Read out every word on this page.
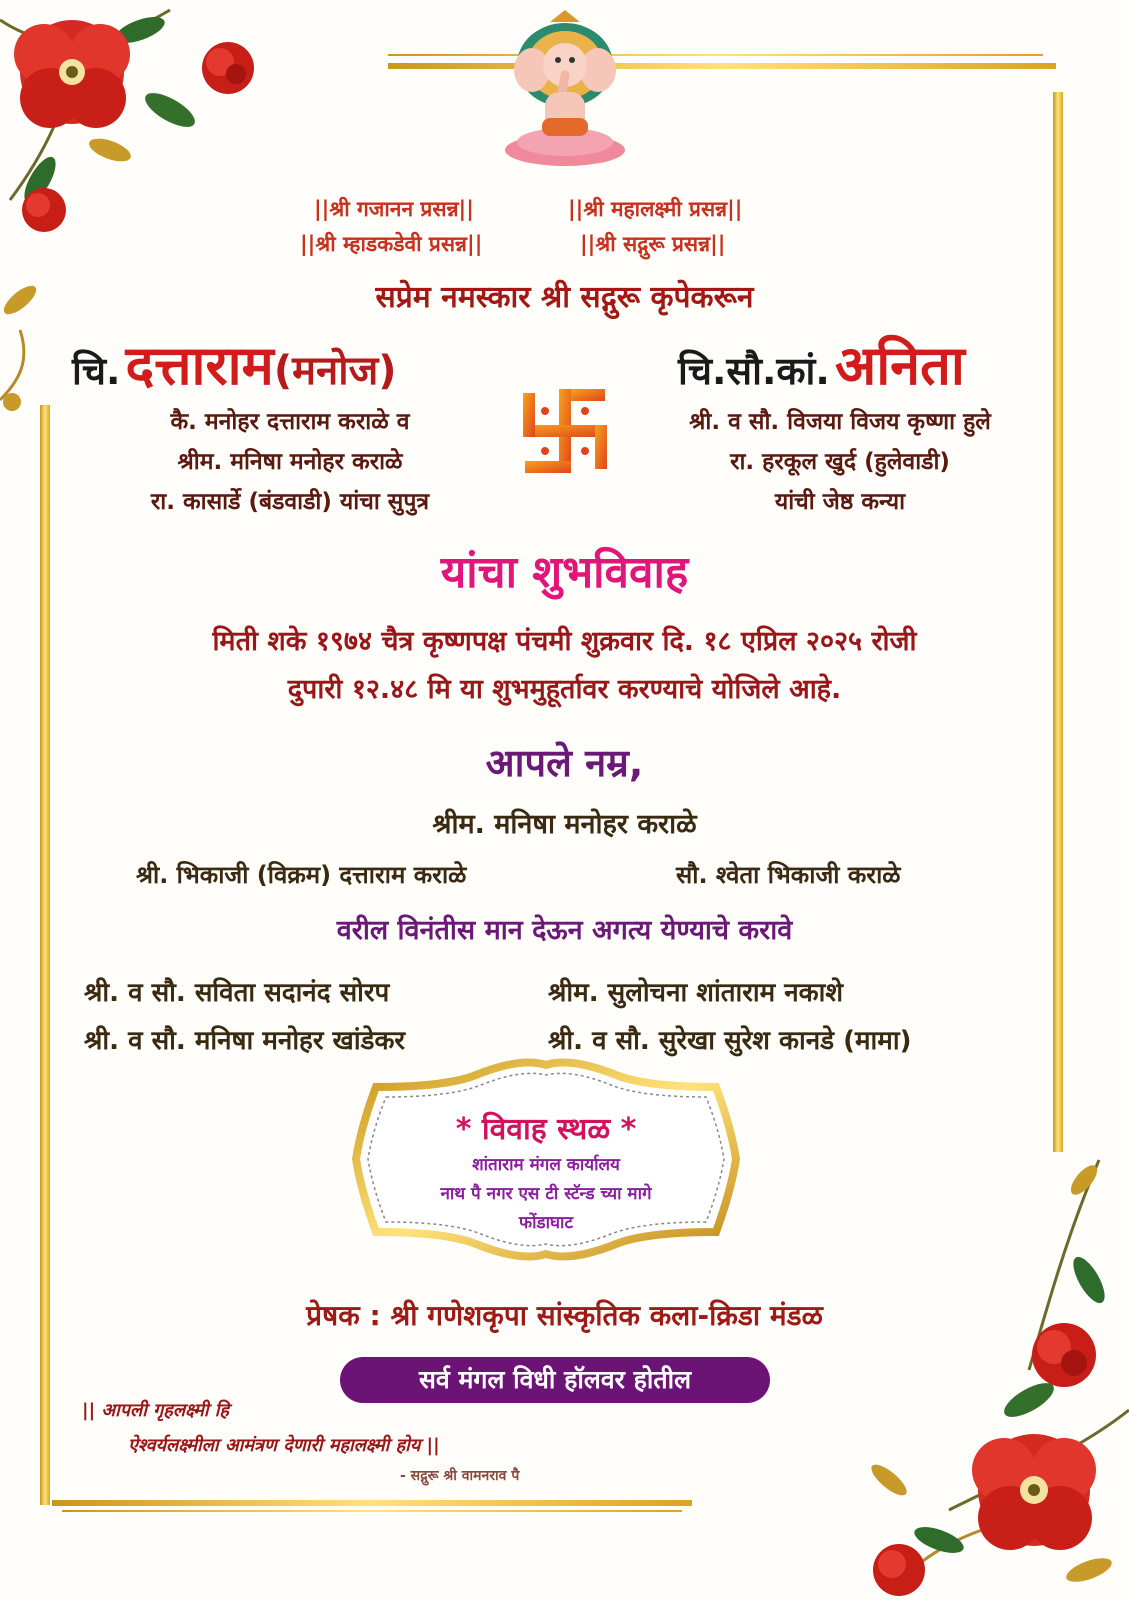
||श्री गजानन प्रसन्न||	||श्री महालक्ष्मी प्रसन्न||
||श्री म्हाडकडेवी प्रसन्न||	||श्री सद्गुरू प्रसन्न||
सप्रेम नमस्कार श्री सद्गुरू कृपेकरून
चि. दत्ताराम(मनोज)
कै. मनोहर दत्ताराम कराळे व
श्रीम. मनिषा मनोहर कराळे
रा. कासार्डे (बंडवाडी) यांचा सुपुत्र
चि.सौ.कां. अनिता
श्री. व सौ. विजया विजय कृष्णा हुले
रा. हरकूल खुर्द (हुलेवाडी)
यांची जेष्ठ कन्या
यांचा शुभविवाह
मिती शके १९७४ चैत्र कृष्णपक्ष पंचमी शुक्रवार दि. १८ एप्रिल २०२५ रोजी
दुपारी १२.४८ मि या शुभमुहूर्तावर करण्याचे योजिले आहे.
आपले नम्र,
श्रीम. मनिषा मनोहर कराळे
श्री. भिकाजी (विक्रम) दत्ताराम कराळे	सौ. श्वेता भिकाजी कराळे
वरील विनंतीस मान देऊन अगत्य येण्याचे करावे
श्री. व सौ. सविता सदानंद सोरप	श्रीम. सुलोचना शांताराम नकाशे
श्री. व सौ. मनिषा मनोहर खांडेकर	श्री. व सौ. सुरेखा सुरेश कानडे (मामा)
* विवाह स्थळ *
शांताराम मंगल कार्यालय
नाथ पै नगर एस टी स्टॅन्ड च्या मागे
फोंडाघाट
प्रेषक : श्री गणेशकृपा सांस्कृतिक कला-क्रिडा मंडळ
सर्व मंगल विधी हॉलवर होतील
|| आपली गृहलक्ष्मी हि
ऐश्वर्यलक्ष्मीला आमंत्रण देणारी महालक्ष्मी होय ||
- सद्गुरू श्री वामनराव पै
